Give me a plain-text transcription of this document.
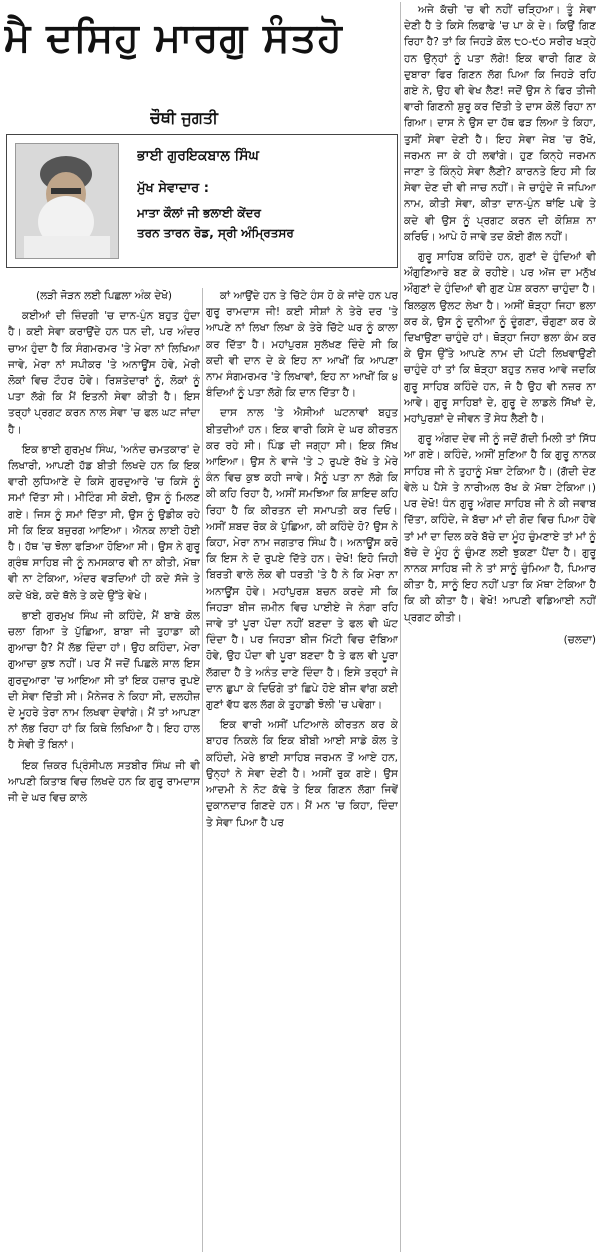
ਮੈ ਦਸਿਹੁ ਮਾਰਗੁ ਸੰਤਹੋ
ਚੌਥੀ ਜੁਗਤੀ
ਭਾਈ ਗੁਰਇਕਬਾਲ ਸਿੰਘ
ਮੁੱਖ ਸੇਵਾਦਾਰ :
ਮਾਤਾ ਕੌਲਾਂ ਜੀ ਭਲਾਈ ਕੇਂਦਰ
ਤਰਨ ਤਾਰਨ ਰੋਡ, ਸ੍ਰੀ ਅੰਮ੍ਰਿਤਸਰ

(ਲੜੀ ਜੋੜਨ ਲਈ ਪਿਛਲਾ ਅੰਕ ਦੇਖੋ)

ਕਈਆਂ ਦੀ ਜ਼ਿੰਦਗੀ 'ਚ ਦਾਨ-ਪੁੰਨ ਬਹੁਤ ਹੁੰਦਾ ਹੈ। ਕਈ ਸੇਵਾ ਕਰਾਉਂਦੇ ਹਨ ਧਨ ਦੀ, ਪਰ ਅੰਦਰ ਚਾਅ ਹੁੰਦਾ ਹੈ ਕਿ ਸੰਗਮਰਮਰ 'ਤੇ ਮੇਰਾ ਨਾਂ ਲਿਖਿਆ ਜਾਵੇ, ਮੇਰਾ ਨਾਂ ਸਪੀਕਰ 'ਤੇ ਅਨਾਊਂਸ ਹੋਵੇ, ਮੇਰੀ ਲੋਕਾਂ ਵਿਚ ਟੌਹਰ ਹੋਵੇ। ਰਿਸ਼ਤੇਦਾਰਾਂ ਨੂੰ, ਲੋਕਾਂ ਨੂੰ ਪਤਾ ਲੱਗੇ ਕਿ ਮੈਂ ਇਤਨੀ ਸੇਵਾ ਕੀਤੀ ਹੈ। ਇਸ ਤਰ੍ਹਾਂ ਪ੍ਰਗਟ ਕਰਨ ਨਾਲ ਸੇਵਾ 'ਚ ਫਲ ਘਟ ਜਾਂਦਾ ਹੈ।

ਇਕ ਭਾਈ ਗੁਰਮੁਖ ਸਿੰਘ, 'ਅਨੰਦ ਚਮਤਕਾਰ' ਦੇ ਲਿਖਾਰੀ, ਆਪਣੀ ਹੱਡ ਬੀਤੀ ਲਿਖਦੇ ਹਨ ਕਿ ਇਕ ਵਾਰੀ ਲੁਧਿਆਣੇ ਦੇ ਕਿਸੇ ਗੁਰਦੁਆਰੇ 'ਚ ਕਿਸੇ ਨੂੰ ਸਮਾਂ ਦਿੱਤਾ ਸੀ। ਮੀਟਿੰਗ ਸੀ ਕੋਈ, ਉਸ ਨੂੰ ਮਿਲਣ ਗਏ। ਜਿਸ ਨੂੰ ਸਮਾਂ ਦਿੱਤਾ ਸੀ, ਉਸ ਨੂੰ ਉਡੀਕ ਰਹੇ ਸੀ ਕਿ ਇਕ ਬਜ਼ੁਰਗ ਆਇਆ। ਐਨਕ ਲਾਈ ਹੋਈ ਹੈ। ਹੱਥ 'ਚ ਝੋਲਾ ਫੜਿਆ ਹੋਇਆ ਸੀ। ਉਸ ਨੇ ਗੁਰੂ ਗ੍ਰੰਥ ਸਾਹਿਬ ਜੀ ਨੂੰ ਨਮਸਕਾਰ ਵੀ ਨਾ ਕੀਤੀ, ਮੱਥਾ ਵੀ ਨਾ ਟੇਕਿਆ, ਅੰਦਰ ਵੜਦਿਆਂ ਹੀ ਕਦੇ ਸੱਜੇ ਤੇ ਕਦੇ ਖੱਬੇ, ਕਦੇ ਥੱਲੇ ਤੇ ਕਦੇ ਉੱਤੇ ਵੇਖੇ।

ਭਾਈ ਗੁਰਮੁਖ ਸਿੰਘ ਜੀ ਕਹਿੰਦੇ, ਮੈਂ ਬਾਬੇ ਕੋਲ ਚਲਾ ਗਿਆ ਤੇ ਪੁੱਛਿਆ, ਬਾਬਾ ਜੀ ਤੁਹਾਡਾ ਕੀ ਗੁਆਚਾ ਹੈ? ਮੈਂ ਲੱਭ ਦਿੰਦਾ ਹਾਂ। ਉਹ ਕਹਿੰਦਾ, ਮੇਰਾ ਗੁਆਚਾ ਕੁਝ ਨਹੀਂ। ਪਰ ਮੈਂ ਜਦੋਂ ਪਿਛਲੇ ਸਾਲ ਇਸ ਗੁਰਦੁਆਰਾ 'ਚ ਆਇਆ ਸੀ ਤਾਂ ਇਕ ਹਜ਼ਾਰ ਰੁਪਏ ਦੀ ਸੇਵਾ ਦਿੱਤੀ ਸੀ। ਮੈਨੇਜਰ ਨੇ ਕਿਹਾ ਸੀ, ਦਲਹੀਜ਼ ਦੇ ਮੂਹਰੇ ਤੇਰਾ ਨਾਮ ਲਿਖਵਾ ਦੇਵਾਂਗੇ। ਮੈਂ ਤਾਂ ਆਪਣਾ ਨਾਂ ਲੱਭ ਰਿਹਾ ਹਾਂ ਕਿ ਕਿਥੇ ਲਿਖਿਆ ਹੈ। ਇਹ ਹਾਲ ਹੈ ਸੇਵੀ ਤੋਂ ਬਿਨਾਂ।

ਇਕ ਜ਼ਿਕਰ ਪ੍ਰਿੰਸੀਪਲ ਸਤਬੀਰ ਸਿੰਘ ਜੀ ਵੀ ਆਪਣੀ ਕਿਤਾਬ ਵਿਚ ਲਿਖਦੇ ਹਨ ਕਿ ਗੁਰੂ ਰਾਮਦਾਸ ਜੀ ਦੇ ਘਰ ਵਿਚ ਕਾਲੇ

ਕਾਂ ਆਉਂਦੇ ਹਨ ਤੇ ਚਿੱਟੇ ਹੰਸ ਹੋ ਕੇ ਜਾਂਦੇ ਹਨ ਪਰ ਗੁਰੂ ਰਾਮਦਾਸ ਜੀ! ਕਈ ਸੀਸ਼ਾਂ ਨੇ ਤੇਰੇ ਦਰ 'ਤੇ ਆਪਣੇ ਨਾਂ ਲਿਖਾ ਲਿਖਾ ਕੇ ਤੇਰੇ ਚਿੱਟੇ ਘਰ ਨੂੰ ਕਾਲਾ ਕਰ ਦਿੱਤਾ ਹੈ। ਮਹਾਂਪੁਰਸ਼ ਸੁਲੱਖਣ ਦਿੰਦੇ ਸੀ ਕਿ ਕਦੀ ਵੀ ਦਾਨ ਦੇ ਕੇ ਇਹ ਨਾ ਆਖੀਂ ਕਿ ਆਪਣਾ ਨਾਮ ਸੰਗਮਰਮਰ 'ਤੇ ਲਿਖਾਵਾਂ, ਇਹ ਨਾ ਆਖੀਂ ਕਿ ੪ ਬੰਦਿਆਂ ਨੂੰ ਪਤਾ ਲੱਗੇ ਕਿ ਦਾਨ ਦਿੱਤਾ ਹੈ।

ਦਾਸ ਨਾਲ 'ਤੇ ਐਸੀਆਂ ਘਟਨਾਵਾਂ ਬਹੁਤ ਬੀਤਦੀਆਂ ਹਨ। ਇਕ ਵਾਰੀ ਕਿਸੇ ਦੇ ਘਰ ਕੀਰਤਨ ਕਰ ਰਹੇ ਸੀ। ਪਿੰਡ ਦੀ ਜਗ੍ਹਾ ਸੀ। ਇਕ ਸਿੱਖ ਆਇਆ। ਉਸ ਨੇ ਵਾਜੇ 'ਤੇ ੨ ਰੁਪਏ ਰੱਖੇ ਤੇ ਮੇਰੇ ਕੰਨ ਵਿਚ ਕੁਝ ਕਹੀ ਜਾਵੇ। ਮੈਨੂੰ ਪਤਾ ਨਾ ਲੱਗੇ ਕਿ ਕੀ ਕਹਿ ਰਿਹਾ ਹੈ, ਅਸੀਂ ਸਮਝਿਆ ਕਿ ਸ਼ਾਇਦ ਕਹਿ ਰਿਹਾ ਹੈ ਕਿ ਕੀਰਤਨ ਦੀ ਸਮਾਪਤੀ ਕਰ ਦਿਓ। ਅਸੀਂ ਸ਼ਬਦ ਰੋਕ ਕੇ ਪੁੱਛਿਆ, ਕੀ ਕਹਿੰਦੇ ਹੋ? ਉਸ ਨੇ ਕਿਹਾ, ਮੇਰਾ ਨਾਮ ਜਗਤਾਰ ਸਿੰਘ ਹੈ। ਅਨਾਊਂਸ ਕਰੋ ਕਿ ਇਸ ਨੇ ਦੋ ਰੁਪਏ ਦਿੱਤੇ ਹਨ। ਦੇਖੋ! ਇਹੋ ਜਿਹੀ ਬਿਰਤੀ ਵਾਲੇ ਲੋਕ ਵੀ ਧਰਤੀ 'ਤੇ ਹੈ ਨੇ ਕਿ ਮੇਰਾ ਨਾ ਅਨਾਊਂਸ ਹੋਵੇ। ਮਹਾਂਪੁਰਸ਼ ਬਚਨ ਕਰਦੇ ਸੀ ਕਿ ਜਿਹੜਾ ਬੀਜ ਜ਼ਮੀਨ ਵਿਚ ਪਾਈਏ ਜੇ ਨੰਗਾ ਰਹਿ ਜਾਵੇ ਤਾਂ ਪੂਰਾ ਪੌਦਾ ਨਹੀਂ ਬਣਦਾ ਤੇ ਫਲ ਵੀ ਘੱਟ ਦਿੰਦਾ ਹੈ। ਪਰ ਜਿਹੜਾ ਬੀਜ ਮਿੱਟੀ ਵਿਚ ਦੱਬਿਆ ਹੋਵੇ, ਉਹ ਪੌਦਾ ਵੀ ਪੂਰਾ ਬਣਦਾ ਹੈ ਤੇ ਫਲ ਵੀ ਪੂਰਾ ਲੱਗਦਾ ਹੈ ਤੇ ਅਨੰਤ ਦਾਣੇ ਦਿੰਦਾ ਹੈ। ਇਸੇ ਤਰ੍ਹਾਂ ਜੇ ਦਾਨ ਛੁਪਾ ਕੇ ਦਿਓਗੇ ਤਾਂ ਛਿਪੇ ਹੋਏ ਬੀਜ ਵਾਂਗ ਕਈ ਗੁਣਾਂ ਵੱਧ ਫਲ ਲੱਗ ਕੇ ਤੁਹਾਡੀ ਝੋਲੀ 'ਚ ਪਵੇਗਾ।

ਇਕ ਵਾਰੀ ਅਸੀਂ ਪਟਿਆਲੇ ਕੀਰਤਨ ਕਰ ਕੇ ਬਾਹਰ ਨਿਕਲੇ ਕਿ ਇਕ ਬੀਬੀ ਆਈ ਸਾਡੇ ਕੋਲ ਤੇ ਕਹਿੰਦੀ, ਮੇਰੇ ਭਾਈ ਸਾਹਿਬ ਜਰਮਨ ਤੋਂ ਆਏ ਹਨ, ਉਨ੍ਹਾਂ ਨੇ ਸੇਵਾ ਦੇਣੀ ਹੈ। ਅਸੀਂ ਰੁਕ ਗਏ। ਉਸ ਆਦਮੀ ਨੇ ਨੋਟ ਕੱਢੇ ਤੇ ਇਕ ਗਿਣਨ ਲੱਗਾ ਜਿਵੇਂ ਦੁਕਾਨਦਾਰ ਗਿਣਦੇ ਹਨ। ਮੈਂ ਮਨ 'ਚ ਕਿਹਾ, ਦਿੰਦਾ ਤੇ ਸੇਵਾ ਪਿਆ ਹੈ ਪਰ

ਅਜੇ ਕੱਚੀ 'ਚ ਵੀ ਨਹੀਂ ਚੜ੍ਹਿਆ। ਤੂੰ ਸੇਵਾ ਦੇਣੀ ਹੈ ਤੇ ਕਿਸੇ ਲਿਫਾਫੇ 'ਚ ਪਾ ਕੇ ਦੇ। ਕਿਉਂ ਗਿਣ ਰਿਹਾ ਹੈ? ਤਾਂ ਕਿ ਜਿਹੜੇ ਕੋਲ ੮੦-੯੦ ਸਰੀਰ ਖੜ੍ਹੇ ਹਨ ਉਨ੍ਹਾਂ ਨੂੰ ਪਤਾ ਲੱਗੇ! ਇਕ ਵਾਰੀ ਗਿਣ ਕੇ ਦੁਬਾਰਾ ਫਿਰ ਗਿਣਨ ਲੱਗ ਪਿਆ ਕਿ ਜਿਹੜੇ ਰਹਿ ਗਏ ਨੇ, ਉਹ ਵੀ ਵੇਖ ਲੈਣ! ਜਦੋਂ ਉਸ ਨੇ ਫਿਰ ਤੀਜੀ ਵਾਰੀ ਗਿਣਨੀ ਸ਼ੁਰੂ ਕਰ ਦਿੱਤੀ ਤੇ ਦਾਸ ਕੋਲੋਂ ਰਿਹਾ ਨਾ ਗਿਆ। ਦਾਸ ਨੇ ਉਸ ਦਾ ਹੱਥ ਫੜ ਲਿਆ ਤੇ ਕਿਹਾ, ਤੁਸੀਂ ਸੇਵਾ ਦੇਣੀ ਹੈ। ਇਹ ਸੇਵਾ ਜੇਬ 'ਚ ਰੱਖੋ, ਜਰਮਨ ਜਾ ਕੇ ਹੀ ਲਵਾਂਗੇ। ਹੁਣ ਕਿਨ੍ਹੇ ਜਰਮਨ ਜਾਣਾ ਤੇ ਕਿੰਨ੍ਹੇ ਸੇਵਾ ਲੈਣੀ? ਕਾਰਨਤੇ ਇਹ ਸੀ ਕਿ ਸੇਵਾ ਦੇਣ ਦੀ ਵੀ ਜਾਚ ਨਹੀਂ। ਜੇ ਚਾਹੁੰਦੇ ਜੋ ਜਪਿਆ ਨਾਮ, ਕੀਤੀ ਸੇਵਾ, ਕੀਤਾ ਦਾਨ-ਪੁੰਨ ਥਾਂਇ ਪਵੇ ਤੇ ਕਦੇ ਵੀ ਉਸ ਨੂੰ ਪ੍ਰਗਟ ਕਰਨ ਦੀ ਕੋਸ਼ਿਸ਼ ਨਾ ਕਰਿਓ। ਆਪੇ ਹੋ ਜਾਵੇ ਤਦ ਕੋਈ ਗੱਲ ਨਹੀਂ।

ਗੁਰੂ ਸਾਹਿਬ ਕਹਿੰਦੇ ਹਨ, ਗੁਣਾਂ ਦੇ ਹੁੰਦਿਆਂ ਵੀ ਔਗੁਣਿਆਰੇ ਬਣ ਕੇ ਰਹੀਏ। ਪਰ ਅੱਜ ਦਾ ਮਨੁੱਖ ਔਗੁਣਾਂ ਦੇ ਹੁੰਦਿਆਂ ਵੀ ਗੁਣ ਪੇਸ਼ ਕਰਨਾ ਚਾਹੁੰਦਾ ਹੈ। ਬਿਲਕੁਲ ਉਲਟ ਲੇਖਾ ਹੈ। ਅਸੀਂ ਥੋੜ੍ਹਾ ਜਿਹਾ ਭਲਾ ਕਰ ਕੇ, ਉਸ ਨੂੰ ਦੁਨੀਆ ਨੂੰ ਦੂੰਗਣਾ, ਚੌਗੁਣਾ ਕਰ ਕੇ ਦਿਖਾਉਣਾ ਚਾਹੁੰਦੇ ਹਾਂ। ਥੋੜ੍ਹਾ ਜਿਹਾ ਭਲਾ ਕੰਮ ਕਰ ਕੇ ਉਸ ਉੱਤੇ ਆਪਣੇ ਨਾਮ ਦੀ ਪੱਟੀ ਲਿਖਵਾਉਣੀ ਚਾਹੁੰਦੇ ਹਾਂ ਤਾਂ ਕਿ ਥੋੜ੍ਹਾ ਬਹੁਤ ਨਜ਼ਰ ਆਵੇ ਜਦਕਿ ਗੁਰੂ ਸਾਹਿਬ ਕਹਿੰਦੇ ਹਨ, ਜੋ ਹੈ ਉਹ ਵੀ ਨਜ਼ਰ ਨਾ ਆਵੇ। ਗੁਰੂ ਸਾਹਿਬਾਂ ਦੇ, ਗੁਰੂ ਦੇ ਲਾਡਲੇ ਸਿੱਖਾਂ ਦੇ, ਮਹਾਂਪੁਰਸ਼ਾਂ ਦੇ ਜੀਵਨ ਤੋਂ ਸੇਧ ਲੈਣੀ ਹੈ।

ਗੁਰੂ ਅੰਗਦ ਦੇਵ ਜੀ ਨੂੰ ਜਦੋਂ ਗੱਦੀ ਮਿਲੀ ਤਾਂ ਸਿੱਧ ਆ ਗਏ। ਕਹਿੰਦੇ, ਅਸੀਂ ਸੁਣਿਆ ਹੈ ਕਿ ਗੁਰੂ ਨਾਨਕ ਸਾਹਿਬ ਜੀ ਨੇ ਤੁਹਾਨੂੰ ਮੱਥਾ ਟੇਕਿਆ ਹੈ। (ਗੱਦੀ ਦੇਣ ਵੇਲੇ ੫ ਪੈਸੇ ਤੇ ਨਾਰੀਅਲ ਰੱਖ ਕੇ ਮੱਥਾ ਟੇਕਿਆ।) ਪਰ ਦੇਖੋ! ਧੰਨ ਗੁਰੂ ਅੰਗਦ ਸਾਹਿਬ ਜੀ ਨੇ ਕੀ ਜਵਾਬ ਦਿੱਤਾ, ਕਹਿੰਦੇ, ਜੇ ਬੱਚਾ ਮਾਂ ਦੀ ਗੋਦ ਵਿਚ ਪਿਆ ਹੋਵੇ ਤਾਂ ਮਾਂ ਦਾ ਦਿਲ ਕਰੇ ਬੱਚੇ ਦਾ ਮੂੰਹ ਚੁੰਮਣਾਏ ਤਾਂ ਮਾਂ ਨੂੰ ਬੱਚੇ ਦੇ ਮੂੰਹ ਨੂੰ ਚੁੰਮਣ ਲਈ ਝੁਕਣਾ ਪੈਂਦਾ ਹੈ। ਗੁਰੂ ਨਾਨਕ ਸਾਹਿਬ ਜੀ ਨੇ ਤਾਂ ਸਾਨੂੰ ਚੁੰਮਿਆ ਹੈ, ਪਿਆਰ ਕੀਤਾ ਹੈ, ਸਾਨੂੰ ਇਹ ਨਹੀਂ ਪਤਾ ਕਿ ਮੱਥਾ ਟੇਕਿਆ ਹੈ ਕਿ ਕੀ ਕੀਤਾ ਹੈ। ਵੇਖੋ! ਆਪਣੀ ਵਡਿਆਈ ਨਹੀਂ ਪ੍ਰਗਟ ਕੀਤੀ।

(ਚਲਦਾ)
